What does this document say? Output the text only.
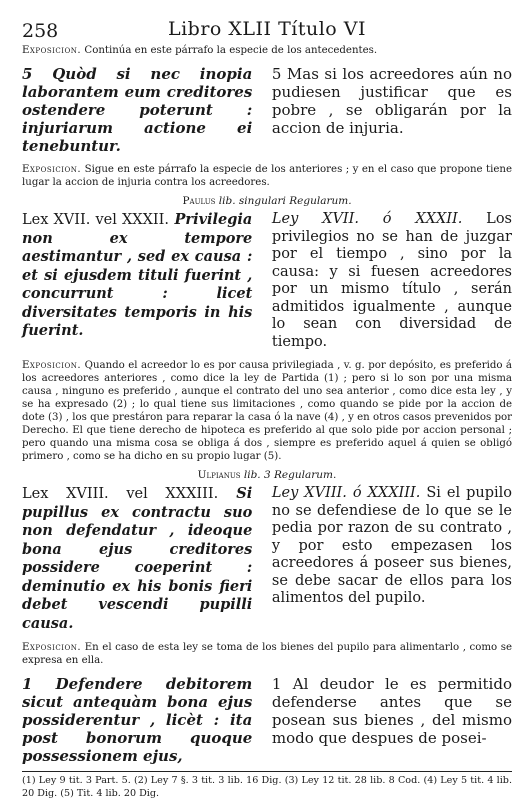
258	Libro XLII Título VI

Exposicion. Continúa en este párrafo la especie de los antecedentes.

5 Quòd si nec inopia laborantem eum creditores ostendere poterunt : injuriarum actione ei tenebuntur.

5 Mas si los acreedores aún no pudiesen justificar que es pobre , se obligarán por la accion de injuria.

Exposicion. Sigue en este párrafo la especie de los anteriores ; y en el caso que propone tiene lugar la accion de injuria contra los acreedores.

Paulus lib. singulari Regularum.

Lex XVII. vel XXXII. Privilegia non ex tempore aestimantur , sed ex causa : et si ejusdem tituli fuerint , concurrunt : licet diversitates temporis in his fuerint.

Ley XVII. ó XXXII. Los privilegios no se han de juzgar por el tiempo , sino por la causa: y si fuesen acreedores por un mismo título , serán admitidos igualmente , aunque lo sean con diversidad de tiempo.

Exposicion. Quando el acreedor lo es por causa privilegiada , v. g. por depósito, es preferido á los acreedores anteriores , como dice la ley de Partida (1) ; pero si lo son por una misma causa , ninguno es preferido , aunque el contrato del uno sea anterior , como dice esta ley , y se ha expresado (2) ; lo qual tiene sus limitaciones , como quando se pide por la accion de dote (3) , los que prestáron para reparar la casa ó la nave (4) , y en otros casos prevenidos por Derecho. El que tiene derecho de hipoteca es preferido al que solo pide por accion personal ; pero quando una misma cosa se obliga á dos , siempre es preferido aquel á quien se obligó primero , como se ha dicho en su propio lugar (5).

Ulpianus lib. 3 Regularum.

Lex XVIII. vel XXXIII. Si pupillus ex contractu suo non defendatur , ideoque bona ejus creditores possidere coeperint : deminutio ex his bonis fieri debet vescendi pupilli causa.

Ley XVIII. ó XXXIII. Si el pupilo no se defendiese de lo que se le pedia por razon de su contrato , y por esto empezasen los acreedores á poseer sus bienes, se debe sacar de ellos para los alimentos del pupilo.

Exposicion. En el caso de esta ley se toma de los bienes del pupilo para alimentarlo , como se expresa en ella.

1 Defendere debitorem sicut antequàm bona ejus possiderentur , licèt : ita post bonorum quoque possessionem ejus,

1 Al deudor le es permitido defenderse antes que se posean sus bienes , del mismo modo que despues de posei-

(1) Ley 9 tit. 3 Part. 5. (2) Ley 7 §. 3 tit. 3 lib. 16 Dig. (3) Ley 12 tit. 28 lib. 8 Cod. (4) Ley 5 tit. 4 lib. 20 Dig. (5) Tit. 4 lib. 20 Dig.
